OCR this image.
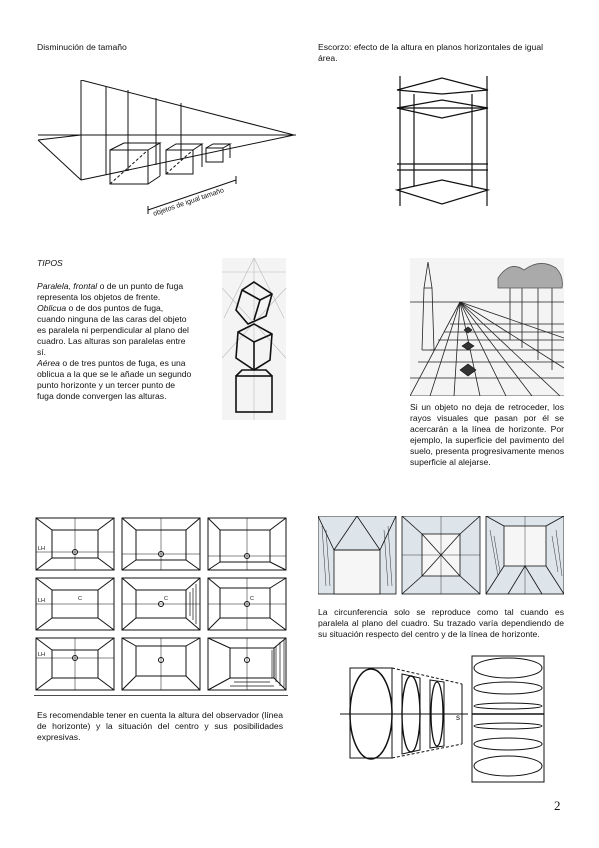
Disminución de tamaño

objetos de igual tamaño

Escorzo: efecto de la altura en planos horizontales de igual área.

TIPOS

Paralela, frontal o de un punto de fuga representa los objetos de frente.
Oblicua o de dos puntos de fuga, cuando ninguna de las caras del objeto es paralela ni perpendicular al plano del cuadro. Las alturas son paralelas entre sí.
Aérea o de tres puntos de fuga, es una oblicua a la que se le añade un segundo punto horizonte y un tercer punto de fuga donde convergen las alturas.

Si un objeto no deja de retroceder, los rayos visuales que pasan por él se acercarán a la línea de horizonte. Por ejemplo, la superficie del pavimento del suelo, presenta progresivamente menos superficie al alejarse.

LH
LH
LH
C	C	C

Es recomendable tener en cuenta la altura del observador (línea de horizonte) y la situación del centro y sus posibilidades expresivas.

La circunferencia solo se reproduce como tal cuando es paralela al plano del cuadro. Su trazado varía dependiendo de su situación respecto del centro y de la línea de horizonte.

s
2
